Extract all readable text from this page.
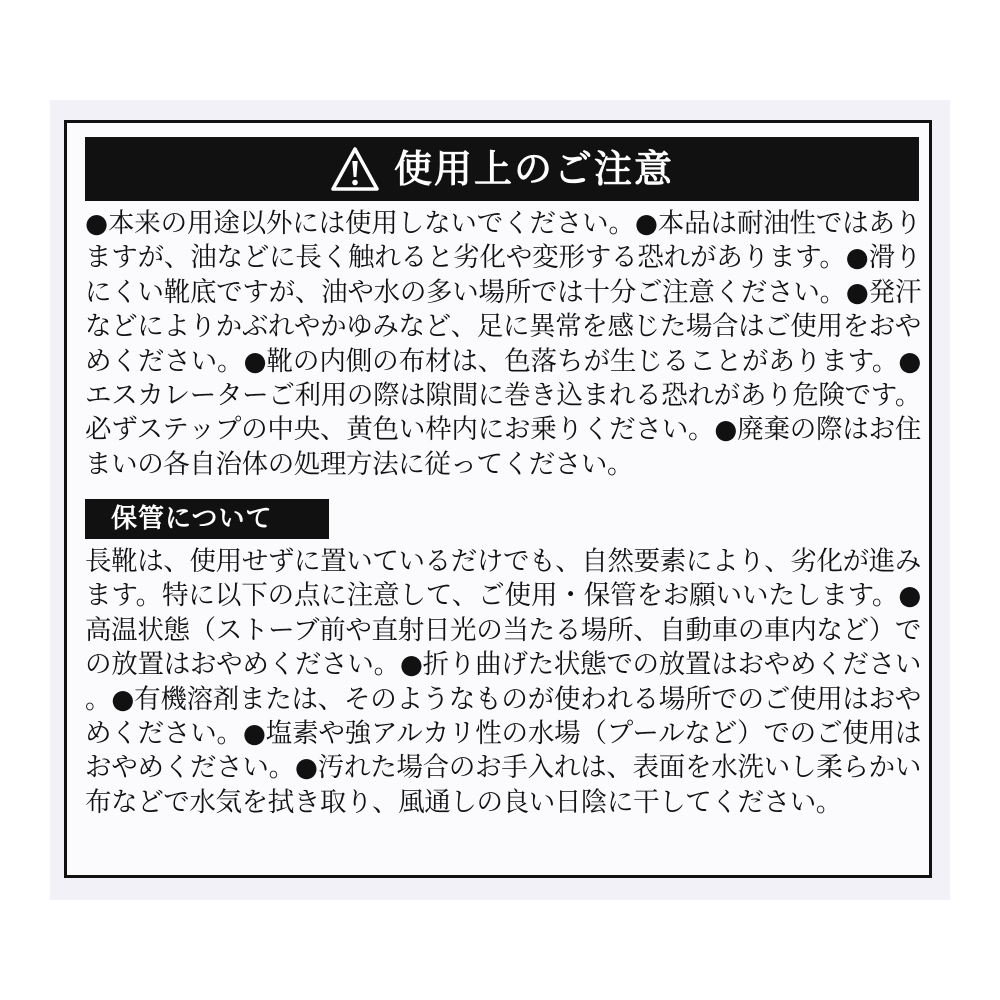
使用上のご注意

●本来の用途以外には使用しないでください。●本品は耐油性ではありますが、油などに長く触れると劣化や変形する恐れがあります。●滑りにくい靴底ですが、油や水の多い場所では十分ご注意ください。●発汗などによりかぶれやかゆみなど、足に異常を感じた場合はご使用をおやめください。●靴の内側の布材は、色落ちが生じることがあります。●エスカレーターご利用の際は隙間に巻き込まれる恐れがあり危険です。必ずステップの中央、黄色い枠内にお乗りください。●廃棄の際はお住まいの各自治体の処理方法に従ってください。

保管について

長靴は、使用せずに置いているだけでも、自然要素により、劣化が進みます。特に以下の点に注意して、ご使用・保管をお願いいたします。●高温状態（ストーブ前や直射日光の当たる場所、自動車の車内など）での放置はおやめください。●折り曲げた状態での放置はおやめください。●有機溶剤または、そのようなものが使われる場所でのご使用はおやめください。●塩素や強アルカリ性の水場（プールなど）でのご使用はおやめください。●汚れた場合のお手入れは、表面を水洗いし柔らかい布などで水気を拭き取り、風通しの良い日陰に干してください。
